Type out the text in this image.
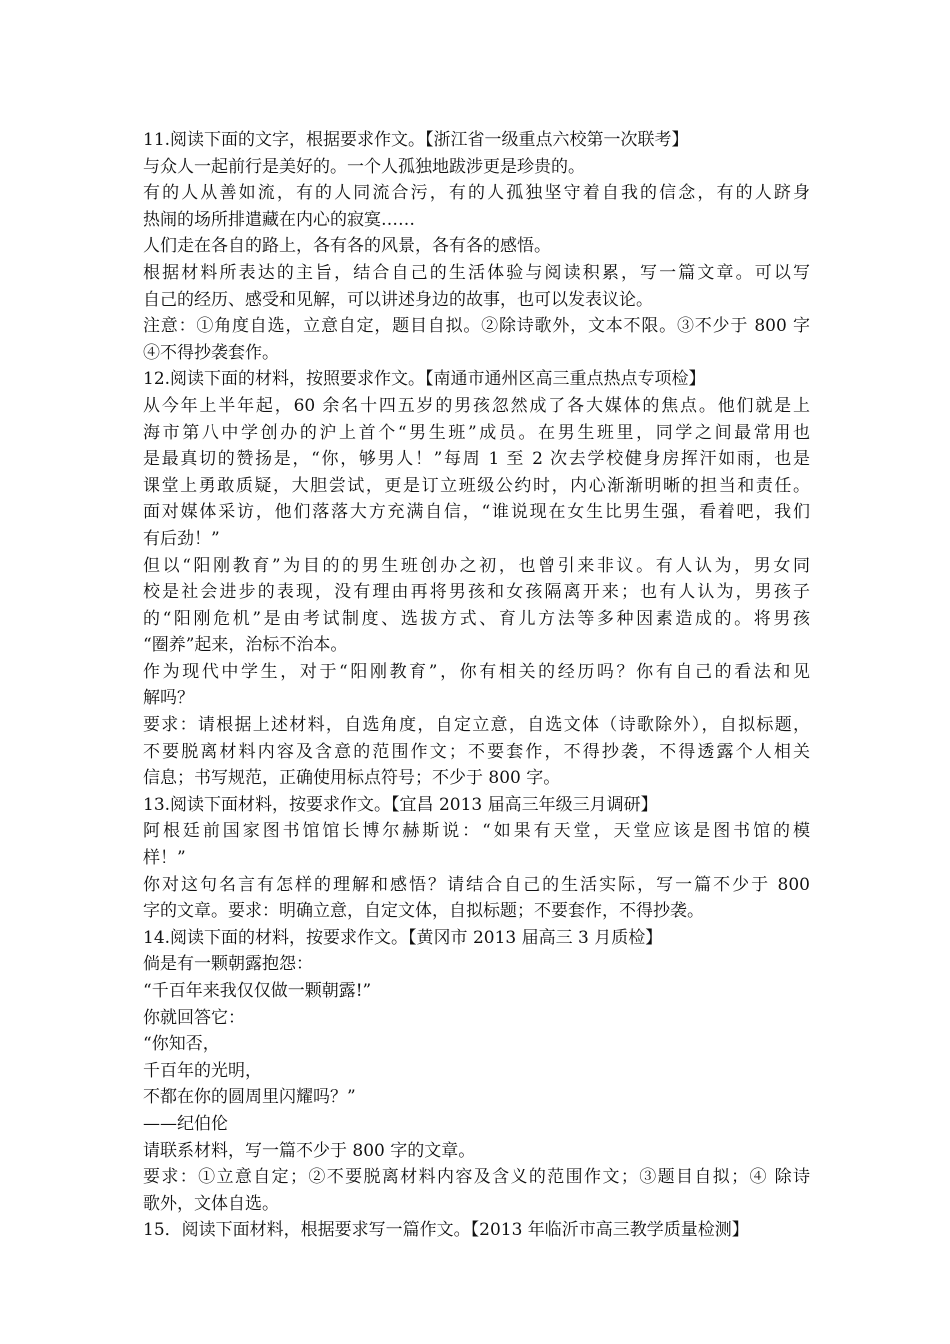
11.阅读下面的文字，根据要求作文。【浙江省一级重点六校第一次联考】
与众人一起前行是美好的。一个人孤独地跋涉更是珍贵的。
有的人从善如流，有的人同流合污，有的人孤独坚守着自我的信念，有的人跻身
热闹的场所排遣藏在内心的寂寞……
人们走在各自的路上，各有各的风景，各有各的感悟。
根据材料所表达的主旨，结合自己的生活体验与阅读积累，写一篇文章。可以写
自己的经历、感受和见解，可以讲述身边的故事，也可以发表议论。
注意：①角度自选，立意自定，题目自拟。②除诗歌外，文本不限。③不少于 800 字
④不得抄袭套作。
12.阅读下面的材料，按照要求作文。【南通市通州区高三重点热点专项检】
从今年上半年起，60 余名十四五岁的男孩忽然成了各大媒体的焦点。他们就是上
海市第八中学创办的沪上首个“男生班”成员。在男生班里，同学之间最常用也
是最真切的赞扬是，“你，够男人！”每周 1 至 2 次去学校健身房挥汗如雨，也是
课堂上勇敢质疑，大胆尝试，更是订立班级公约时，内心渐渐明晰的担当和责任。
面对媒体采访，他们落落大方充满自信，“谁说现在女生比男生强，看着吧，我们
有后劲！”
但以“阳刚教育”为目的的男生班创办之初，也曾引来非议。有人认为，男女同
校是社会进步的表现，没有理由再将男孩和女孩隔离开来；也有人认为，男孩子
的“阳刚危机”是由考试制度、选拔方式、育儿方法等多种因素造成的。将男孩
“圈养”起来，治标不治本。
作为现代中学生，对于“阳刚教育”，你有相关的经历吗？你有自己的看法和见
解吗？
要求：请根据上述材料，自选角度，自定立意，自选文体（诗歌除外），自拟标题，
不要脱离材料内容及含意的范围作文；不要套作，不得抄袭，不得透露个人相关
信息；书写规范，正确使用标点符号；不少于 800 字。
13.阅读下面材料，按要求作文。【宜昌 2013 届高三年级三月调研】
阿根廷前国家图书馆馆长博尔赫斯说：“如果有天堂，天堂应该是图书馆的模
样！”
你对这句名言有怎样的理解和感悟？请结合自己的生活实际，写一篇不少于 800
字的文章。要求：明确立意，自定文体，自拟标题；不要套作，不得抄袭。
14.阅读下面的材料，按要求作文。【黄冈市 2013 届高三 3 月质检】
倘是有一颗朝露抱怨：
“千百年来我仅仅做一颗朝露!”
你就回答它：
“你知否，
千百年的光明，
不都在你的圆周里闪耀吗？”
——纪伯伦
请联系材料，写一篇不少于 800 字的文章。
要求：①立意自定；②不要脱离材料内容及含义的范围作文；③题目自拟；④ 除诗
歌外，文体自选。
15．阅读下面材料，根据要求写一篇作文。【2013 年临沂市高三教学质量检测】
